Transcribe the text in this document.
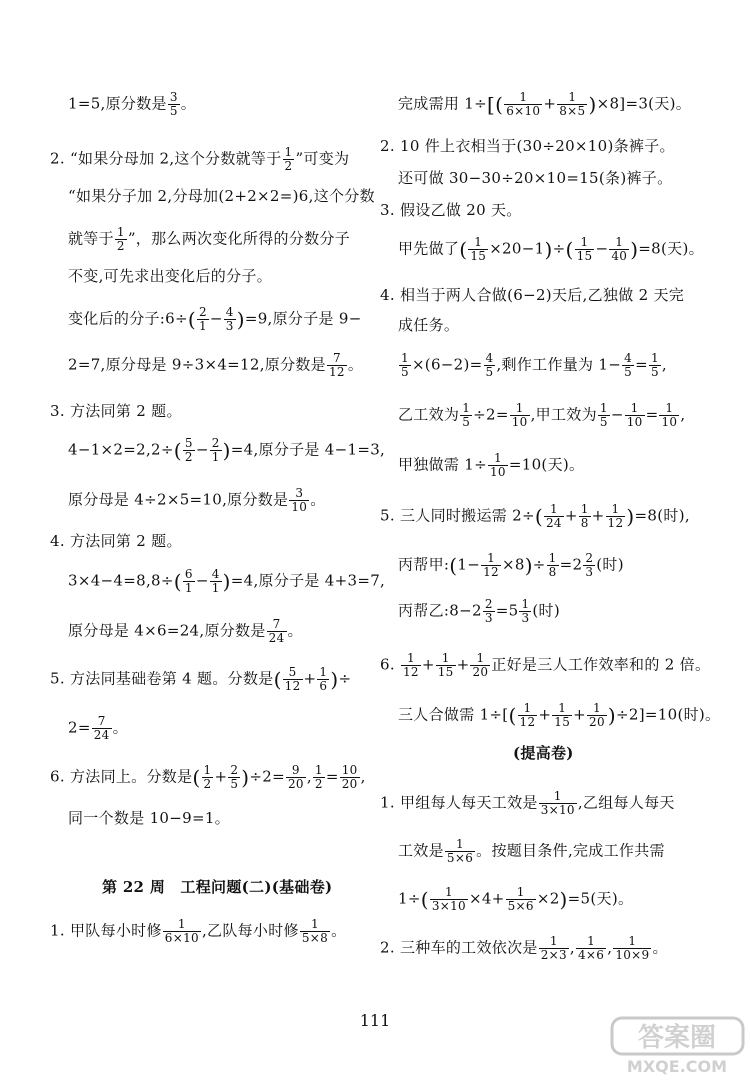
1=5,原分数是 $\frac{3}{5}$ 。
2. “如果分母加 2,这个分数就等于 $\frac{1}{2}$ ”可变为
“如果分子加 2,分母加(2+2×2=)6,这个分数
就等于 $\frac{1}{2}$ ”，那么两次变化所得的分数分子
不变,可先求出变化后的分子。
变化后的分子:6÷( $\frac{2}{1} - \frac{4}{3} )=9$,原分子是 9−
2=7,原分母是 9÷3×4=12,原分数是 $\frac{7}{12}$ 。
3. 方法同第 2 题。
$4-1\times 2=2,2\div( \frac{5}{2} - \frac{2}{1} )=4$,原分子是 4−1=3,
原分母是 4÷2×5=10,原分数是 $\frac{3}{10}$ 。
4. 方法同第 2 题。
$3\times 4-4=8,8\div( \frac{6}{1} - \frac{4}{1} )=4$,原分子是 4+3=7,
原分母是 4×6=24,原分数是 $\frac{7}{24}$ 。
5. 方法同基础卷第 4 题。分数是( $\frac{5}{12} + \frac{1}{6}$ )÷
$2= \frac{7}{24}$ 。
6. 方法同上。分数是( $\frac{1}{2} + \frac{2}{5} )\div 2= \frac{9}{20}$ , $\frac{1}{2} = \frac{10}{20}$ ,
同一个数是 10−9=1。
第 22 周　工程问题(二)(基础卷)
1. 甲队每小时修 $\frac{1}{6\times 10}$ ,乙队每小时修 $\frac{1}{5\times 8}$ 。
完成需用 $1\div[( \frac{1}{6\times 10} + \frac{1}{8\times 5} )\times 8]=3$(天)。
2. 10 件上衣相当于(30÷20×10)条裤子。
还可做 30−30÷20×10=15(条)裤子。
3. 假设乙做 20 天。
甲先做了( $\frac{1}{15} \times 20-1)\div( \frac{1}{15} - \frac{1}{40} )=8$(天)。
4. 相当于两人合做(6−2)天后,乙独做 2 天完
成任务。
$\frac{1}{5} \times(6-2)= \frac{4}{5}$ ,剩作工作量为 $1- \frac{4}{5} = \frac{1}{5}$ ,
乙工效为 $\frac{1}{5} \div 2= \frac{1}{10}$ ,甲工效为 $\frac{1}{5} - \frac{1}{10} = \frac{1}{10}$ ,
甲独做需 $1\div \frac{1}{10} =10$(天)。
5. 三人同时搬运需 $2\div( \frac{1}{24} + \frac{1}{8} + \frac{1}{12} )=8$(时),
丙帮甲:(1− $\frac{1}{12} \times 8)\div \frac{1}{8} =2 \frac{2}{3}$ (时)
丙帮乙:8−2 $\frac{2}{3} =5 \frac{1}{3}$ (时)
6. $\frac{1}{12} + \frac{1}{15} + \frac{1}{20}$ 正好是三人工作效率和的 2 倍。
三人合做需 $1\div[( \frac{1}{12} + \frac{1}{15} + \frac{1}{20} )\div 2]=10$(时)。
(提高卷)
1. 甲组每人每天工效是 $\frac{1}{3\times 10}$ ,乙组每人每天
工效是 $\frac{1}{5\times 6}$ 。按题目条件,完成工作共需
$1\div( \frac{1}{3\times 10} \times 4+ \frac{1}{5\times 6} \times 2)=5$(天)。
2. 三种车的工效依次是 $\frac{1}{2\times 3}$ , $\frac{1}{4\times 6}$ , $\frac{1}{10\times 9}$ 。
111
答案圈
MXQE.COM
